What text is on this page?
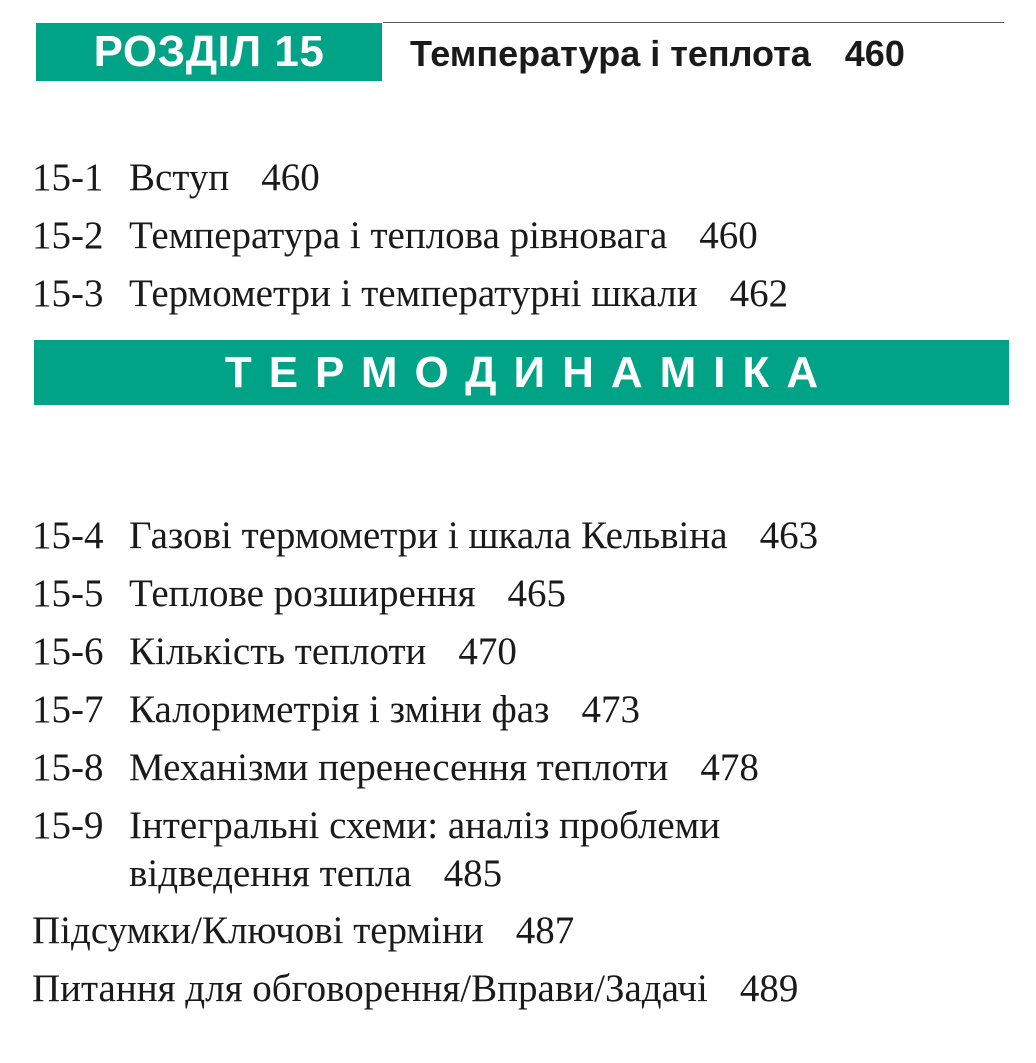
РОЗДІЛ 15	Температура і теплота 460
15-1 Вступ 460
15-2 Температура і теплова рівновага 460
15-3 Термометри і температурні шкали 462
ТЕРМОДИНАМІКА
15-4 Газові термометри і шкала Кельвіна 463
15-5 Теплове розширення 465
15-6 Кількість теплоти 470
15-7 Калориметрія і зміни фаз 473
15-8 Механізми перенесення теплоти 478
15-9 Інтегральні схеми: аналіз проблеми
відведення тепла 485
Підсумки/Ключові терміни 487
Питання для обговорення/Вправи/Задачі 489
